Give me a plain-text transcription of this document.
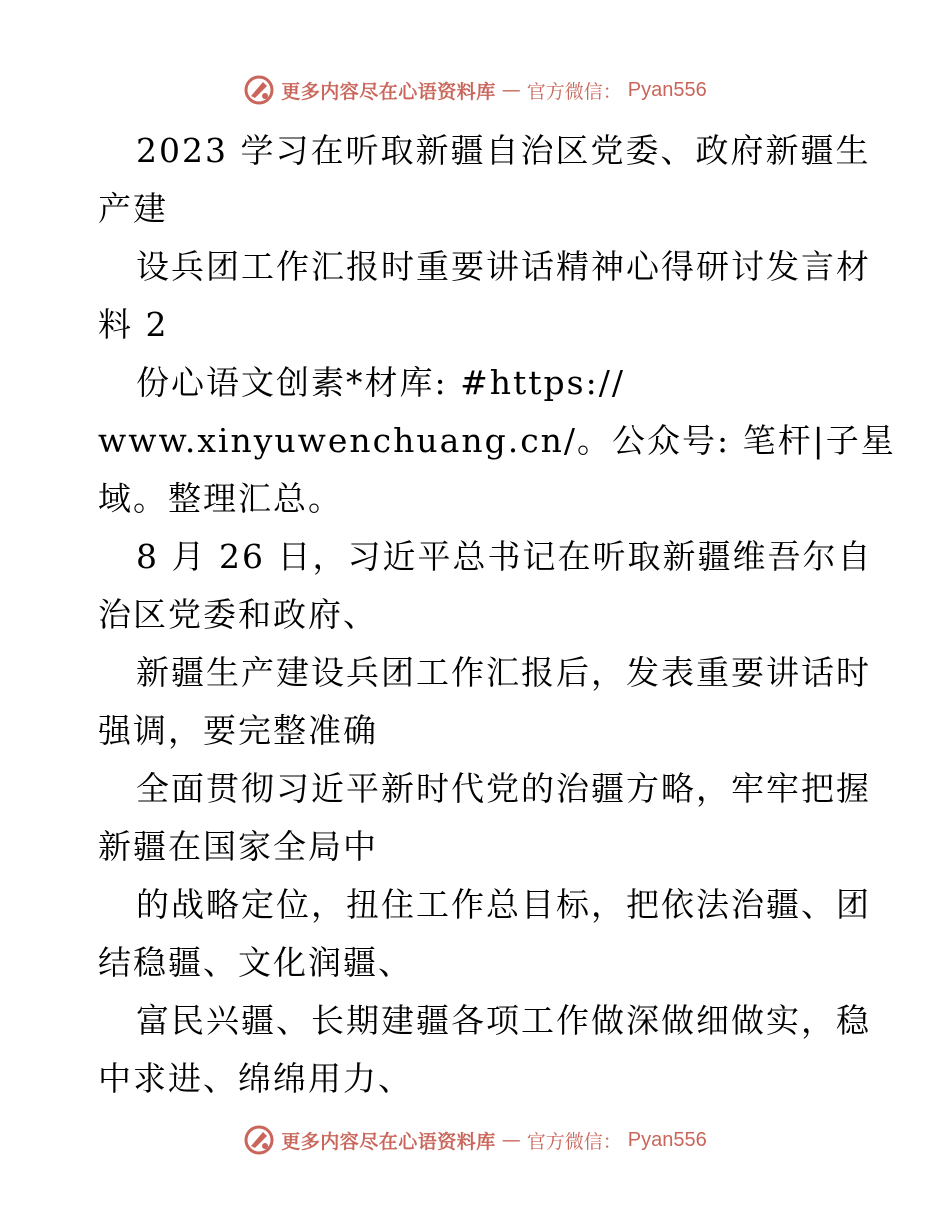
更多内容尽在心语资料库 — 官方微信： Pyan556
2023 学习在听取新疆自治区党委、政府新疆生
产建
设兵团工作汇报时重要讲话精神心得研讨发言材
料 2
份心语文创素*材库: #https://
www.xinyuwenchuang.cn/。公众号: 笔杆|子星
域。整理汇总。
8 月 26 日，习近平总书记在听取新疆维吾尔自
治区党委和政府、
新疆生产建设兵团工作汇报后，发表重要讲话时
强调，要完整准确
全面贯彻习近平新时代党的治疆方略，牢牢把握
新疆在国家全局中
的战略定位，扭住工作总目标，把依法治疆、团
结稳疆、文化润疆、
富民兴疆、长期建疆各项工作做深做细做实，稳
中求进、绵绵用力、
更多内容尽在心语资料库 — 官方微信： Pyan556
